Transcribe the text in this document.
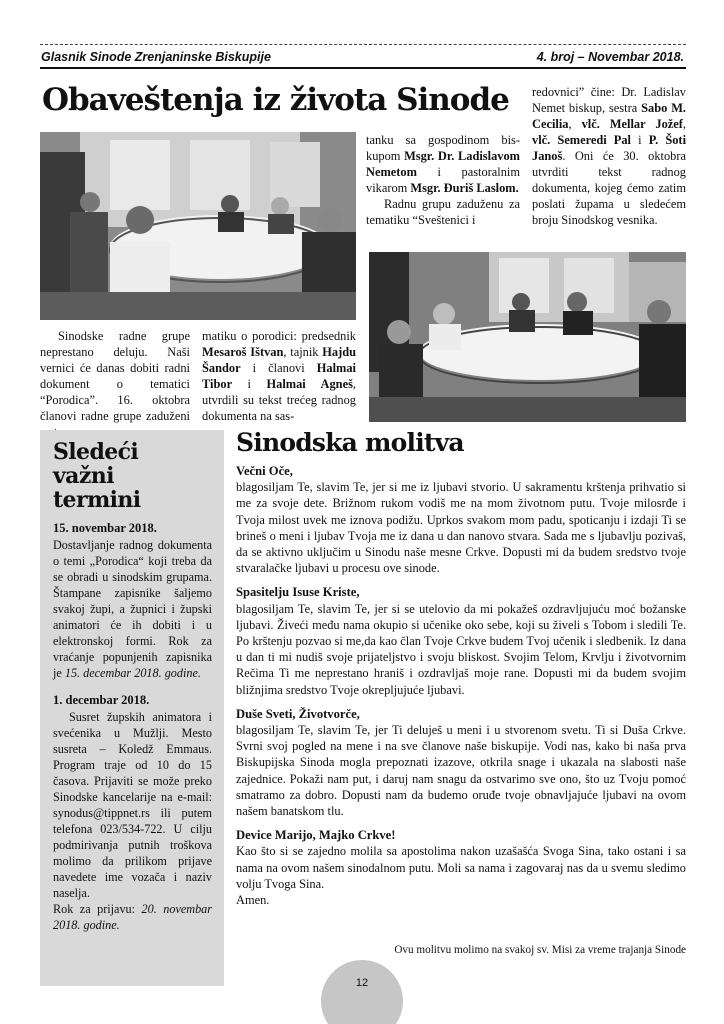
Glasnik Sinode Zrenjaninske Biskupije	4. broj – Novembar 2018.
Obaveštenja iz života Sinode

Sinodske radne grupe neprestano deluju. Naši vernici će danas dobiti radni dokument o tematici “Porodica”. 16. oktobra članovi radne grupe zaduženi

matiku o porodici: predsednik Mesaroš Ištvan, tajnik Hajdu Šandor i članovi Halmai Tibor i Halmai Agneš, utvrdili su tekst trećeg radnog dokumenta na sas-

tanku sa gospodinom biskupom Msgr. Dr. Ladislavom Nemetom i pastoralnim vikarom Msgr. Đuriš Laslom.

Radnu grupu zaduženu za tematiku “Sveštenici i

redovnici” čine: Dr. Ladislav Nemet biskup, sestra Sabo M. Cecilia, vlč. Mellar Jožef, vlč. Semeredi Pal i P. Šoti Janoš. Oni će 30. oktobra utvrditi tekst radnog dokumenta, kojeg ćemo zatim poslati župama u sledećem broju Sinodskog vesnika.

Sledeći
važni
termini
15. novembar 2018.
Dostavljanje radnog dokumenta o temi „Porodica“ koji treba da se obradi u sinodskim grupama. Štampane zapisnike šaljemo svakoj župi, a župnici i župski animatori će ih dobiti i u elektronskoj formi. Rok za vraćanje popunjenih zapisnika je 15. decembar 2018. godine.
1. decembar 2018.
Susret župskih animatora i svećenika u Mužlji. Mesto susreta – Koledž Emmaus. Program traje od 10 do 15 časova. Prijaviti se može preko Sinodske kancelarije na e-mail: synodus@tippnet.rs ili putem telefona 023/534-722. U cilju podmirivanja putnih troškova molimo da prilikom prijave navedete ime vozača i naziv naselja.
Rok za prijavu: 20. novembar 2018. godine.
Sinodska molitva
Večni Oče,
blagosiljam Te, slavim Te, jer si me iz ljubavi stvorio. U sakramentu krštenja prihvatio si me za svoje dete. Brižnom rukom vodiš me na mom životnom putu. Tvoje milosrđe i Tvoja milost uvek me iznova podižu. Uprkos svakom mom padu, spoticanju i izdaji Ti se brineš o meni i ljubav Tvoja me iz dana u dan nanovo stvara. Sada me s ljubavlju pozivaš, da se aktivno uključim u Sinodu naše mesne Crkve. Dopusti mi da budem sredstvo tvoje stvaralačke ljubavi u procesu ove sinode.
Spasitelju Isuse Kriste,
blagosiljam Te, slavim Te, jer si se utelovio da mi pokažeš ozdravljujuću moć božanske ljubavi. Živeći među nama okupio si učenike oko sebe, koji su živeli s Tobom i sledili Te. Po krštenju pozvao si me,da kao član Tvoje Crkve budem Tvoj učenik i sledbenik. Iz dana u dan ti mi nudiš svoje prijateljstvo i svoju bliskost. Svojim Telom, Krvlju i životvornim Rečima Ti me neprestano hraniš i ozdravljaš moje rane. Dopusti mi da budem svojim bližnjima sredstvo Tvoje okrepljujuće ljubavi.
Duše Sveti, Životvorče,
blagosiljam Te, slavim Te, jer Ti deluješ u meni i u stvorenom svetu. Ti si Duša Crkve. Svrni svoj pogled na mene i na sve članove naše biskupije. Vodi nas, kako bi naša prva Biskupijska Sinoda mogla prepoznati izazove, otkrila snage i ukazala na slabosti naše zajednice. Pokaži nam put, i daruj nam snagu da ostvarimo sve ono, što uz Tvoju pomoć smatramo za dobro. Dopusti nam da budemo oruđe tvoje obnavljajuće ljubavi na ovom našem banatskom tlu.
Device Marijo, Majko Crkve!
Kao što si se zajedno molila sa apostolima nakon uzašašća Svoga Sina, tako ostani i sa nama na ovom našem sinodalnom putu. Moli sa nama i zagovaraj nas da u svemu sledimo volju Tvoga Sina.
Amen.
Ovu molitvu molimo na svakoj sv. Misi za vreme trajanja Sinode
12
